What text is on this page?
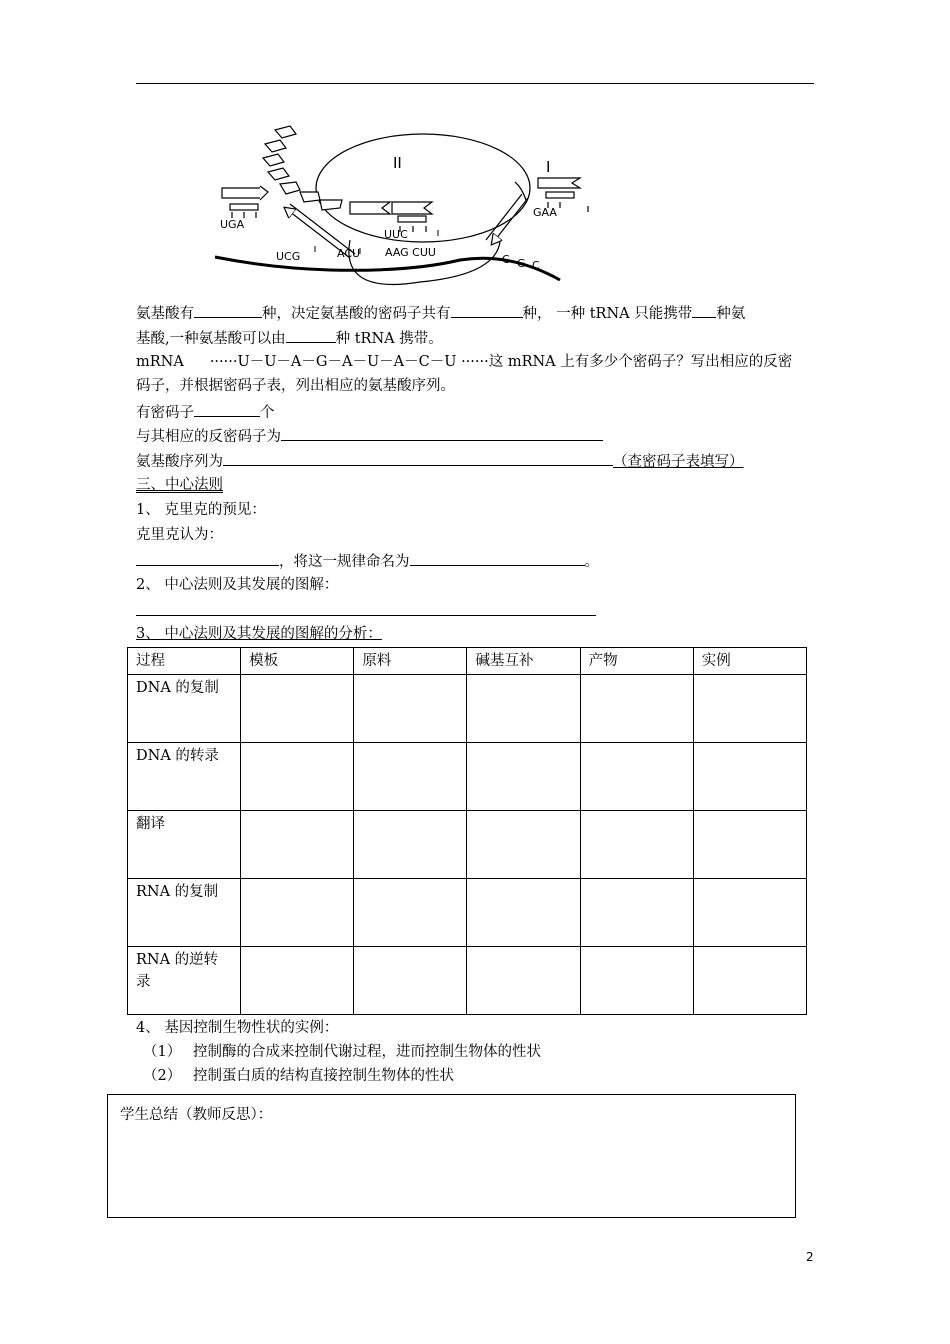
II	I
UGA
UCG	ACU
UUC
AAG CUU
GAA
C G C
氨基酸有	种，决定氨基酸的密码子共有	种， 一种 tRNA 只能携带 种氨
基酸,一种氨基酸可以由	种 tRNA 携带。
mRNA ······U－U－A－G－A－U－A－C－U ······这 mRNA 上有多少个密码子？写出相应的反密
码子，并根据密码子表，列出相应的氨基酸序列。
有密码子	个
与其相应的反密码子为
氨基酸序列为	（查密码子表填写）
三、中心法则
1、 克里克的预见：
克里克认为：
，将这一规律命名为	。
2、 中心法则及其发展的图解：
3、 中心法则及其发展的图解的分析：
过程	模板	原料	碱基互补	产物	实例
DNA 的复制					
DNA 的转录					
翻译					
RNA 的复制					
RNA 的逆转录					
4、 基因控制生物性状的实例：
（1） 控制酶的合成来控制代谢过程，进而控制生物体的性状
（2） 控制蛋白质的结构直接控制生物体的性状
学生总结（教师反思）：
2
